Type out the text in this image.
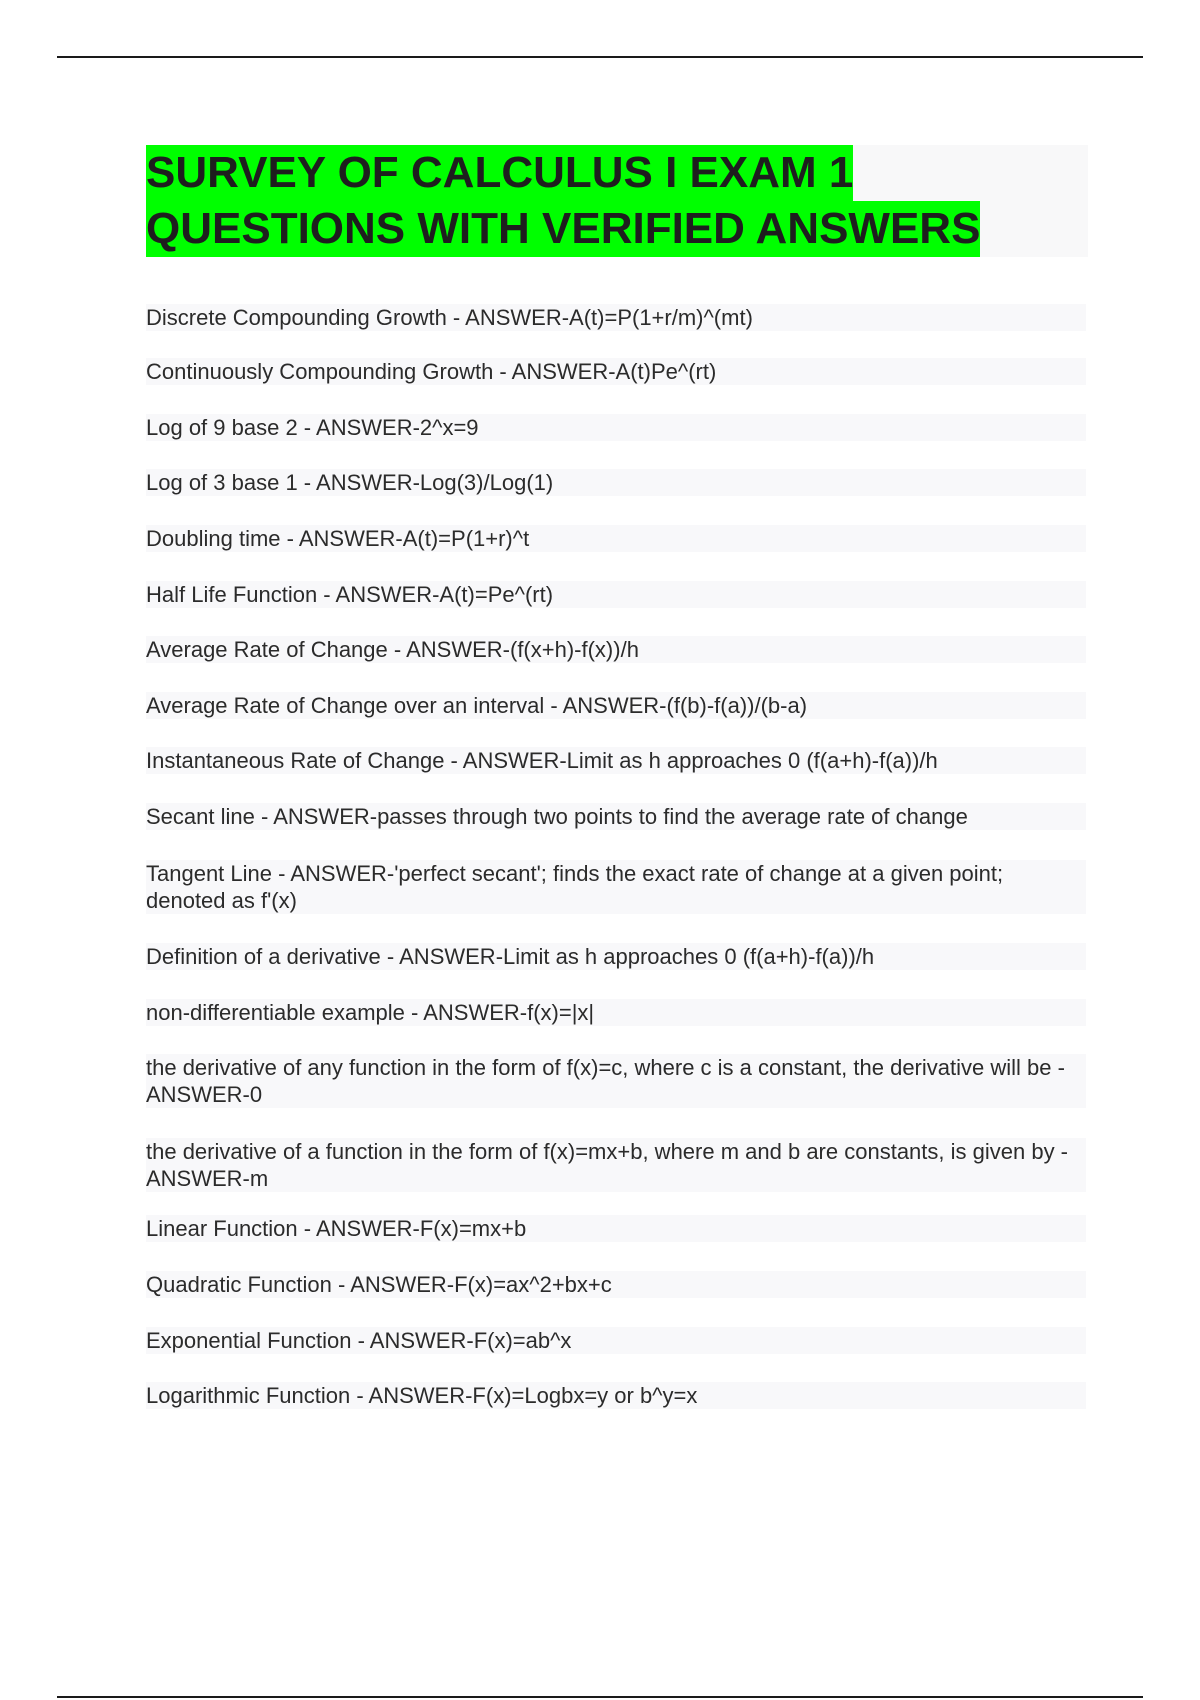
SURVEY OF CALCULUS I EXAM 1
QUESTIONS WITH VERIFIED ANSWERS

Discrete Compounding Growth - ANSWER-A(t)=P(1+r/m)^(mt)

Continuously Compounding Growth - ANSWER-A(t)Pe^(rt)

Log of 9 base 2 - ANSWER-2^x=9

Log of 3 base 1 - ANSWER-Log(3)/Log(1)

Doubling time - ANSWER-A(t)=P(1+r)^t

Half Life Function - ANSWER-A(t)=Pe^(rt)

Average Rate of Change - ANSWER-(f(x+h)-f(x))/h

Average Rate of Change over an interval - ANSWER-(f(b)-f(a))/(b-a)

Instantaneous Rate of Change - ANSWER-Limit as h approaches 0 (f(a+h)-f(a))/h

Secant line - ANSWER-passes through two points to find the average rate of change

Tangent Line - ANSWER-'perfect secant'; finds the exact rate of change at a given point; denoted as f'(x)

Definition of a derivative - ANSWER-Limit as h approaches 0 (f(a+h)-f(a))/h

non-differentiable example - ANSWER-f(x)=|x|

the derivative of any function in the form of f(x)=c, where c is a constant, the derivative will be - ANSWER-0

the derivative of a function in the form of f(x)=mx+b, where m and b are constants, is given by - ANSWER-m

Linear Function - ANSWER-F(x)=mx+b

Quadratic Function - ANSWER-F(x)=ax^2+bx+c

Exponential Function - ANSWER-F(x)=ab^x

Logarithmic Function - ANSWER-F(x)=Logbx=y or b^y=x
